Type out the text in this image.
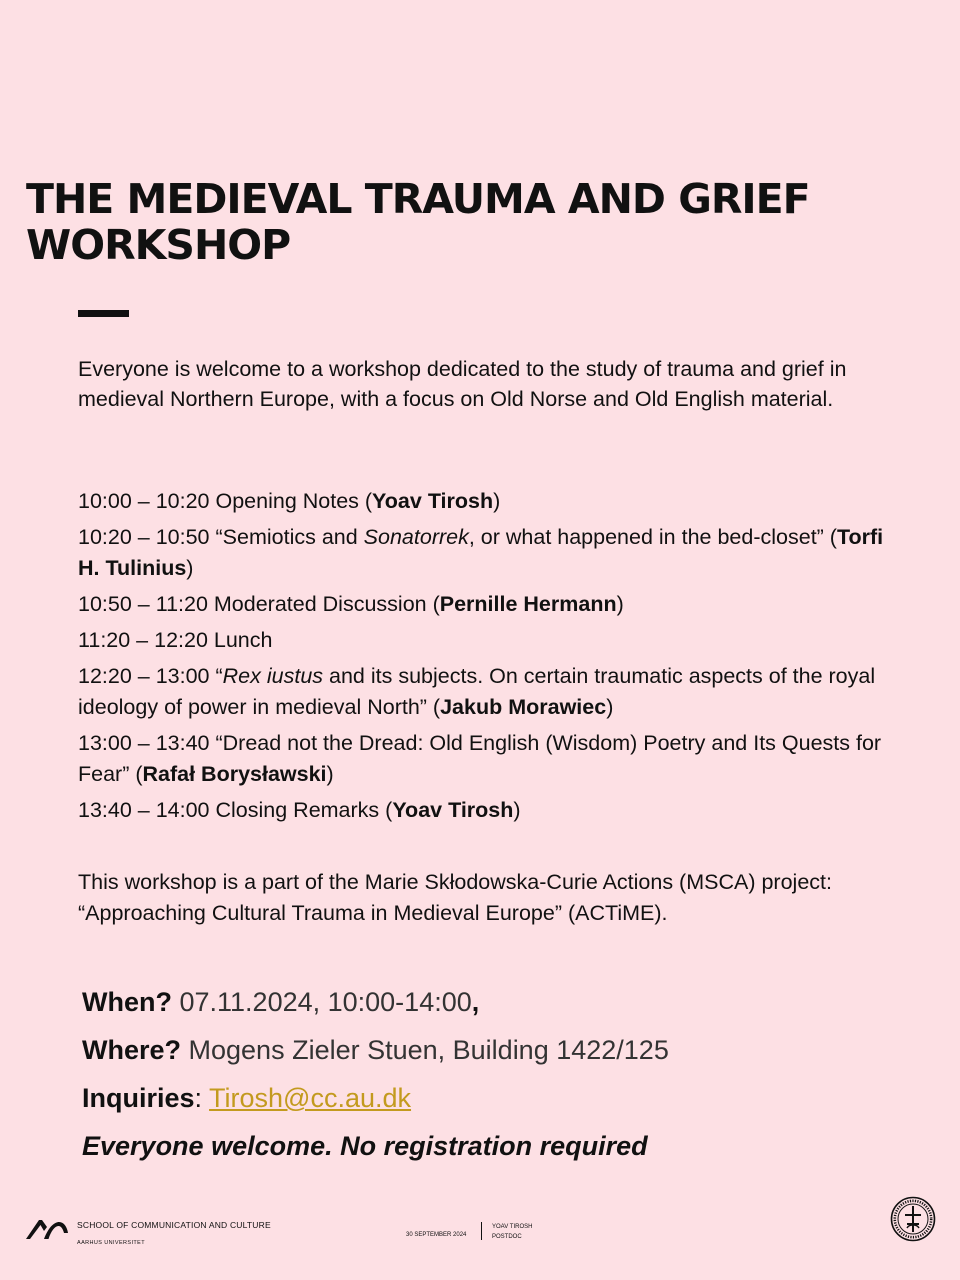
THE MEDIEVAL TRAUMA AND GRIEF
WORKSHOP

Everyone is welcome to a workshop dedicated to the study of trauma and grief in medieval Northern Europe, with a focus on Old Norse and Old English material.

10:00 – 10:20 Opening Notes (Yoav Tirosh)
10:20 – 10:50 “Semiotics and Sonatorrek, or what happened in the bed-closet” (Torfi H. Tulinius)
10:50 – 11:20 Moderated Discussion (Pernille Hermann)
11:20 – 12:20 Lunch
12:20 – 13:00 “Rex iustus and its subjects. On certain traumatic aspects of the royal ideology of power in medieval North” (Jakub Morawiec)
13:00 – 13:40 “Dread not the Dread: Old English (Wisdom) Poetry and Its Quests for Fear” (Rafał Borysławski)
13:40 – 14:00 Closing Remarks (Yoav Tirosh)

This workshop is a part of the Marie Skłodowska-Curie Actions (MSCA) project: “Approaching Cultural Trauma in Medieval Europe” (ACTiME).

When? 07.11.2024, 10:00-14:00,
Where? Mogens Zieler Stuen, Building 1422/125
Inquiries: Tirosh@cc.au.dk
Everyone welcome. No registration required
SCHOOL OF COMMUNICATION AND CULTURE
AARHUS UNIVERSITET
30 SEPTEMBER 2024
YOAV TIROSH
POSTDOC
